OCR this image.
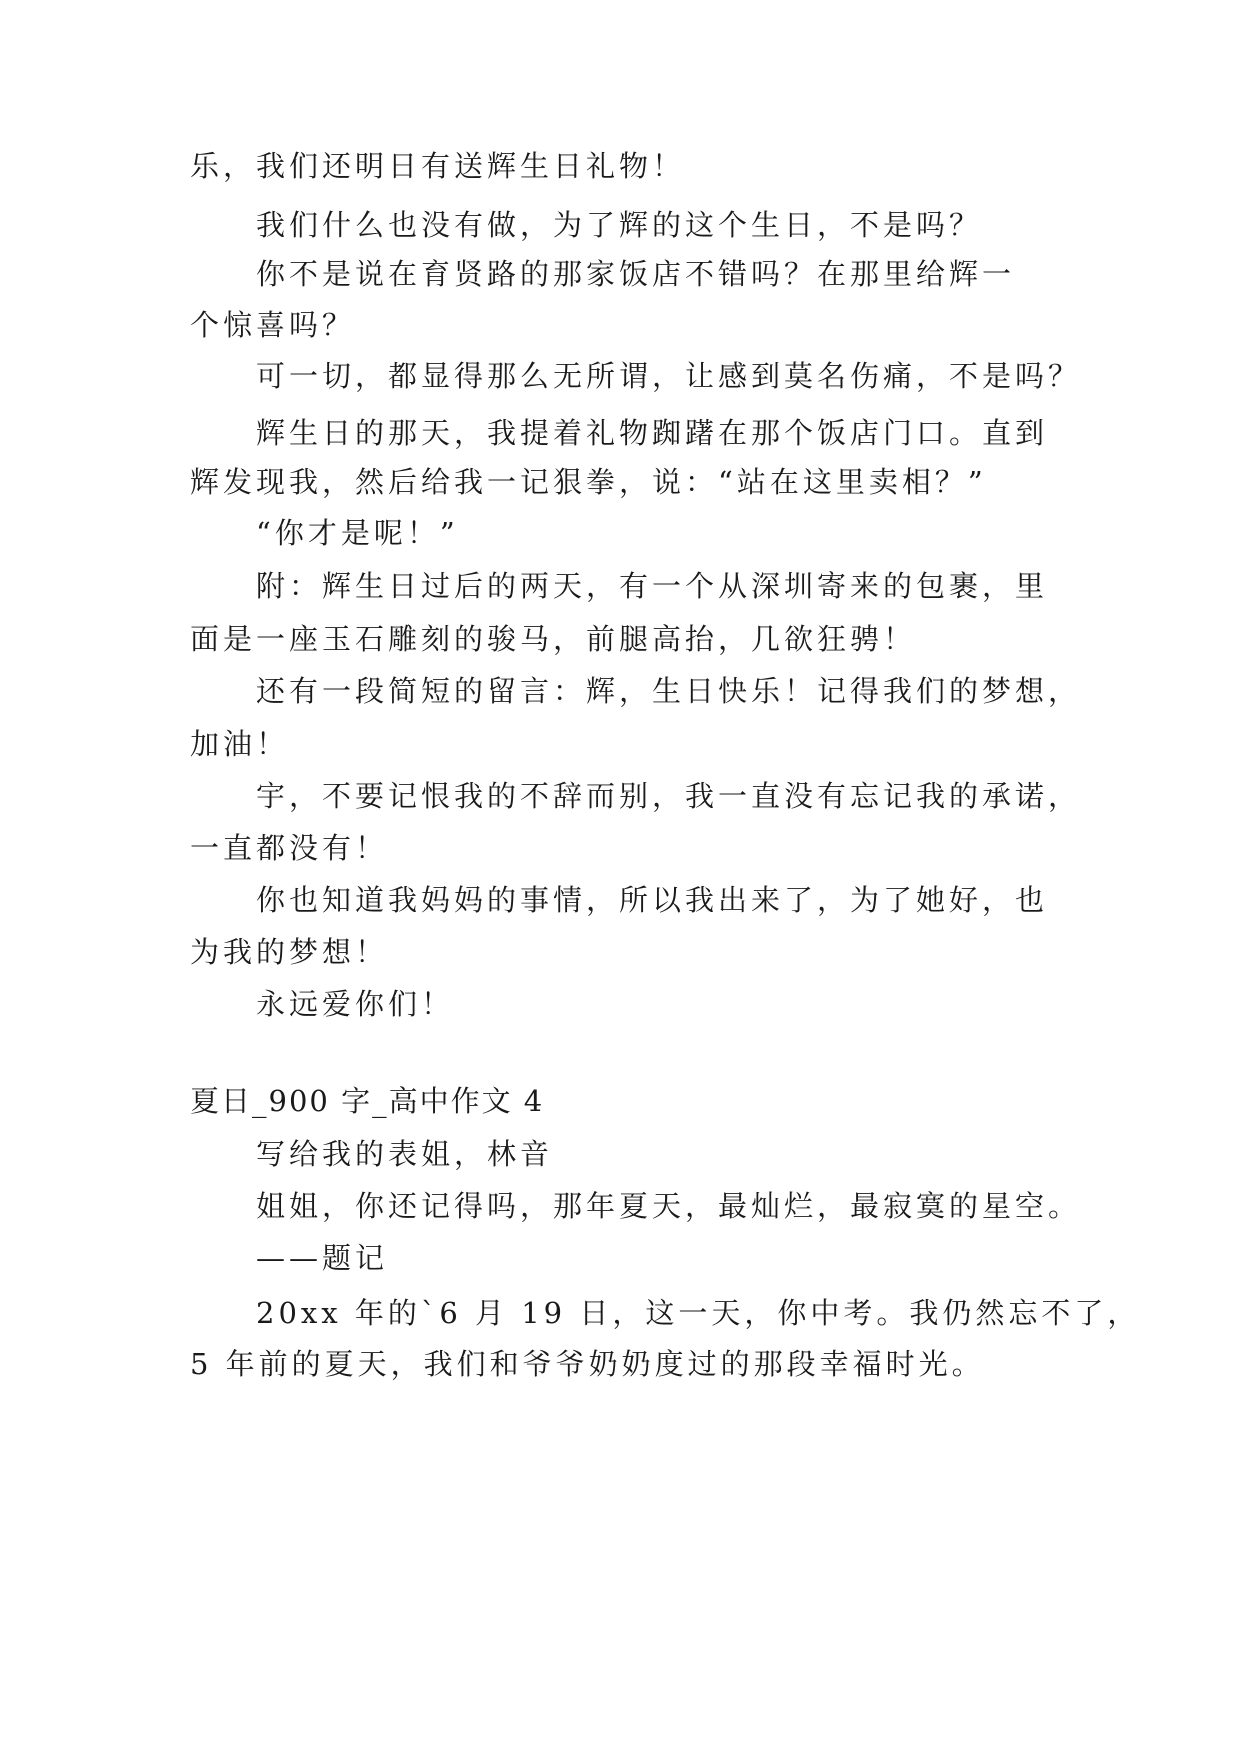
乐，我们还明日有送辉生日礼物！
我们什么也没有做，为了辉的这个生日，不是吗？
你不是说在育贤路的那家饭店不错吗？在那里给辉一
个惊喜吗？
可一切，都显得那么无所谓，让感到莫名伤痛，不是吗？
辉生日的那天，我提着礼物踟躇在那个饭店门口。直到
辉发现我，然后给我一记狠拳，说：“站在这里卖相？”
“你才是呢！”
附：辉生日过后的两天，有一个从深圳寄来的包裹，里
面是一座玉石雕刻的骏马，前腿高抬，几欲狂骋！
还有一段简短的留言：辉，生日快乐！记得我们的梦想，
加油！
宇，不要记恨我的不辞而别，我一直没有忘记我的承诺，
一直都没有！
你也知道我妈妈的事情，所以我出来了，为了她好，也
为我的梦想！
永远爱你们！
夏日_900 字_高中作文 4
写给我的表姐，林音
姐姐，你还记得吗，那年夏天，最灿烂，最寂寞的星空。
——题记
20xx 年的`6 月 19 日，这一天，你中考。我仍然忘不了，
5 年前的夏天，我们和爷爷奶奶度过的那段幸福时光。
